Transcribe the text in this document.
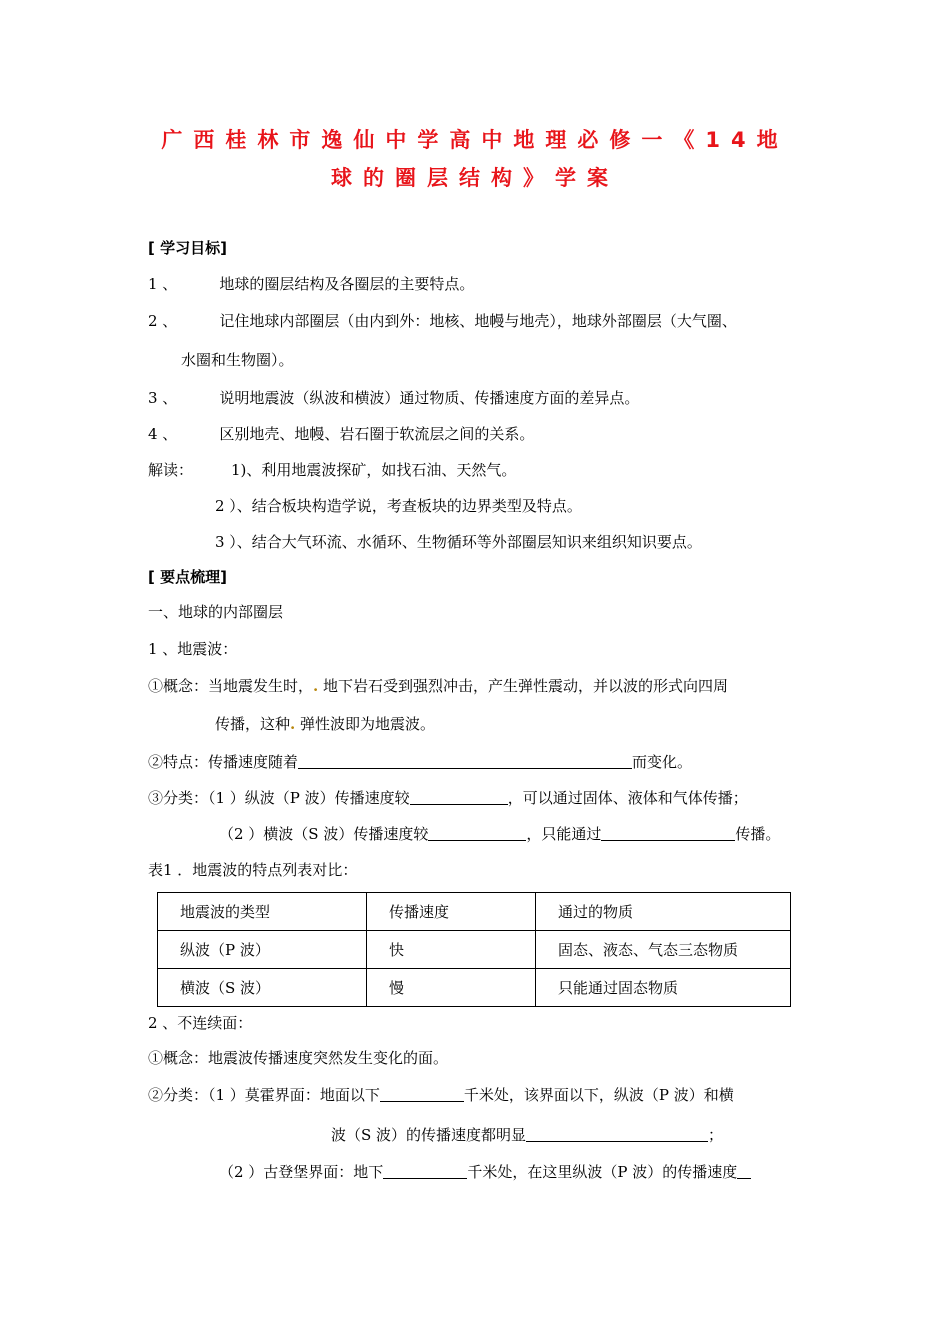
广西桂林市逸仙中学高中地理必修一《14地
球的圈层结构》学案
[ 学习目标]
1 、	地球的圈层结构及各圈层的主要特点。
2 、	记住地球内部圈层（由内到外：地核、地幔与地壳），地球外部圈层（大气圈、
水圈和生物圈）。
3 、	说明地震波（纵波和横波）通过物质、传播速度方面的差异点。
4 、	区别地壳、地幔、岩石圈于软流层之间的关系。
解读：	1)、利用地震波探矿，如找石油、天然气。
2 ）、结合板块构造学说，考查板块的边界类型及特点。
3 ）、结合大气环流、水循环、生物循环等外部圈层知识来组织知识要点。
[ 要点梳理]
一、地球的内部圈层
1 、地震波：
①概念：当地震发生时，. 地下岩石受到强烈冲击，产生弹性震动，并以波的形式向四周
传播，这种. 弹性波即为地震波。
②特点：传播速度随着	而变化。
③分类：（1 ）纵波（P 波）传播速度较	，可以通过固体、液体和气体传播；
（2 ）横波（S 波）传播速度较	，只能通过	传播。
表1 ．地震波的特点列表对比：
地震波的类型	传播速度	通过的物质
纵波（P 波）	快	固态、液态、气态三态物质
横波（S 波）	慢	只能通过固态物质
2 、不连续面：
①概念：地震波传播速度突然发生变化的面。
②分类：（1 ）莫霍界面：地面以下	千米处，该界面以下，纵波（P 波）和横
波（S 波）的传播速度都明显	；
（2 ）古登堡界面：地下	千米处，在这里纵波（P 波）的传播速度
